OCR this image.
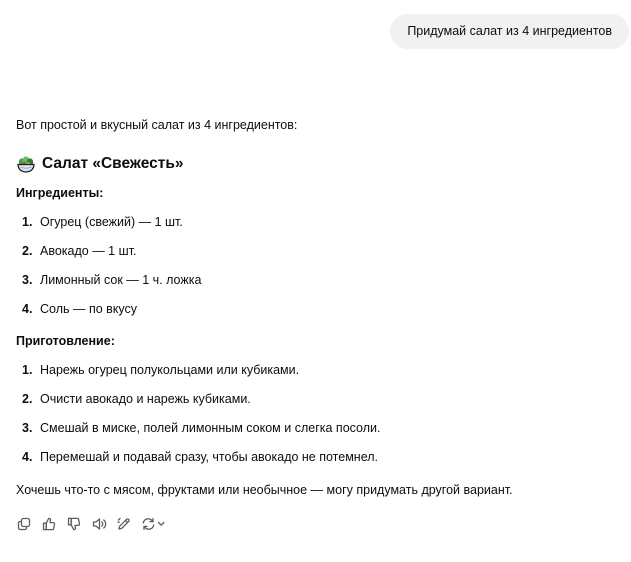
Придумай салат из 4 ингредиентов

Вот простой и вкусный салат из 4 ингредиентов:

Салат «Свежесть»

Ингредиенты:

1. Огурец (свежий) — 1 шт.
2. Авокадо — 1 шт.
3. Лимонный сок — 1 ч. ложка
4. Соль — по вкусу

Приготовление:

1. Нарежь огурец полукольцами или кубиками.
2. Очисти авокадо и нарежь кубиками.
3. Смешай в миске, полей лимонным соком и слегка посоли.
4. Перемешай и подавай сразу, чтобы авокадо не потемнел.

Хочешь что-то с мясом, фруктами или необычное — могу придумать другой вариант.
